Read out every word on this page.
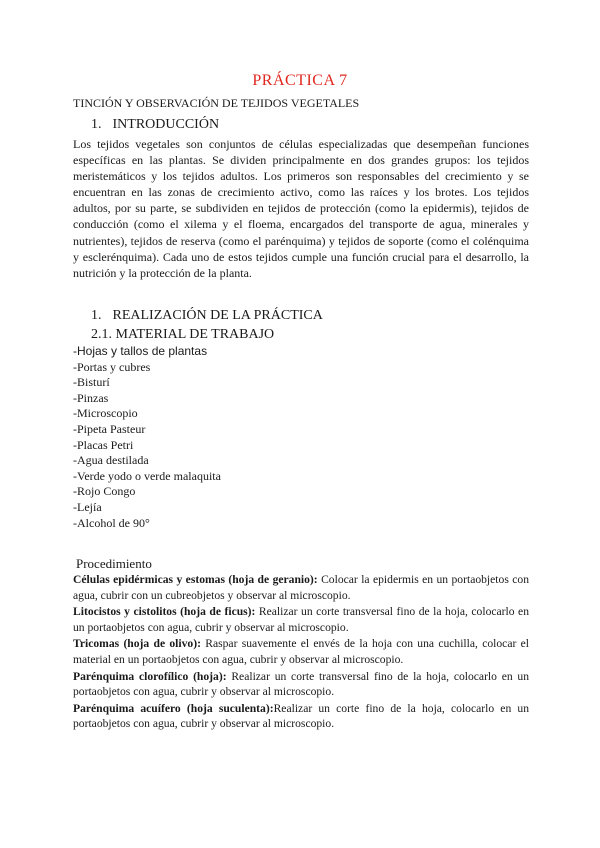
PRÁCTICA 7
TINCIÓN Y OBSERVACIÓN DE TEJIDOS VEGETALES
1. INTRODUCCIÓN
Los tejidos vegetales son conjuntos de células especializadas que desempeñan funciones específicas en las plantas. Se dividen principalmente en dos grandes grupos: los tejidos meristemáticos y los tejidos adultos. Los primeros son responsables del crecimiento y se encuentran en las zonas de crecimiento activo, como las raíces y los brotes. Los tejidos adultos, por su parte, se subdividen en tejidos de protección (como la epidermis), tejidos de conducción (como el xilema y el floema, encargados del transporte de agua, minerales y nutrientes), tejidos de reserva (como el parénquima) y tejidos de soporte (como el colénquima y esclerénquima). Cada uno de estos tejidos cumple una función crucial para el desarrollo, la nutrición y la protección de la planta.
1. REALIZACIÓN DE LA PRÁCTICA
2.1. MATERIAL DE TRABAJO
-Hojas y tallos de plantas
-Portas y cubres
-Bisturí
-Pinzas
-Microscopio
-Pipeta Pasteur
-Placas Petri
-Agua destilada
-Verde yodo o verde malaquita
-Rojo Congo
-Lejía
-Alcohol de 90°
Procedimiento

Células epidérmicas y estomas (hoja de geranio): Colocar la epidermis en un portaobjetos con agua, cubrir con un cubreobjetos y observar al microscopio.

Litocistos y cistolitos (hoja de ficus): Realizar un corte transversal fino de la hoja, colocarlo en un portaobjetos con agua, cubrir y observar al microscopio.

Tricomas (hoja de olivo): Raspar suavemente el envés de la hoja con una cuchilla, colocar el material en un portaobjetos con agua, cubrir y observar al microscopio.

Parénquima clorofílico (hoja): Realizar un corte transversal fino de la hoja, colocarlo en un portaobjetos con agua, cubrir y observar al microscopio.

Parénquima acuífero (hoja suculenta):Realizar un corte fino de la hoja, colocarlo en un portaobjetos con agua, cubrir y observar al microscopio.
